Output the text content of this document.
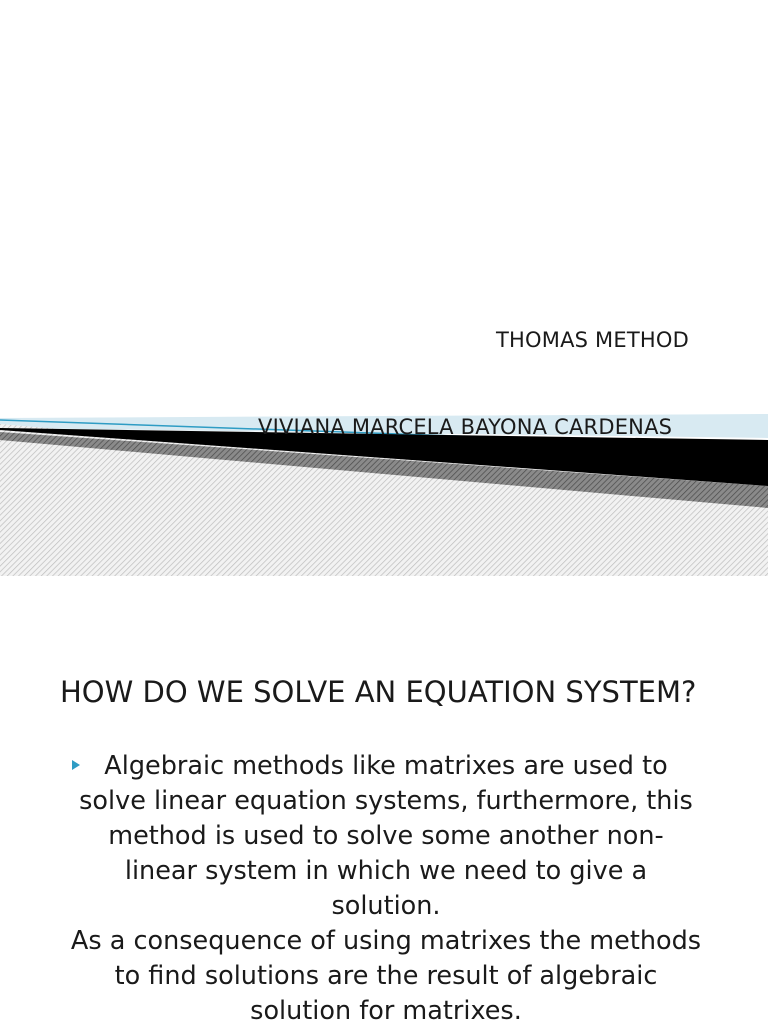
THOMAS METHOD
VIVIANA MARCELA BAYONA CARDENAS
HOW DO WE SOLVE AN EQUATION SYSTEM?
Algebraic methods like matrixes are used to
solve linear equation systems, furthermore, this
method is used to solve some another non-
linear system in which we need to give a
solution.
As a consequence of using matrixes the methods
to find solutions are the result of algebraic
solution for matrixes.
